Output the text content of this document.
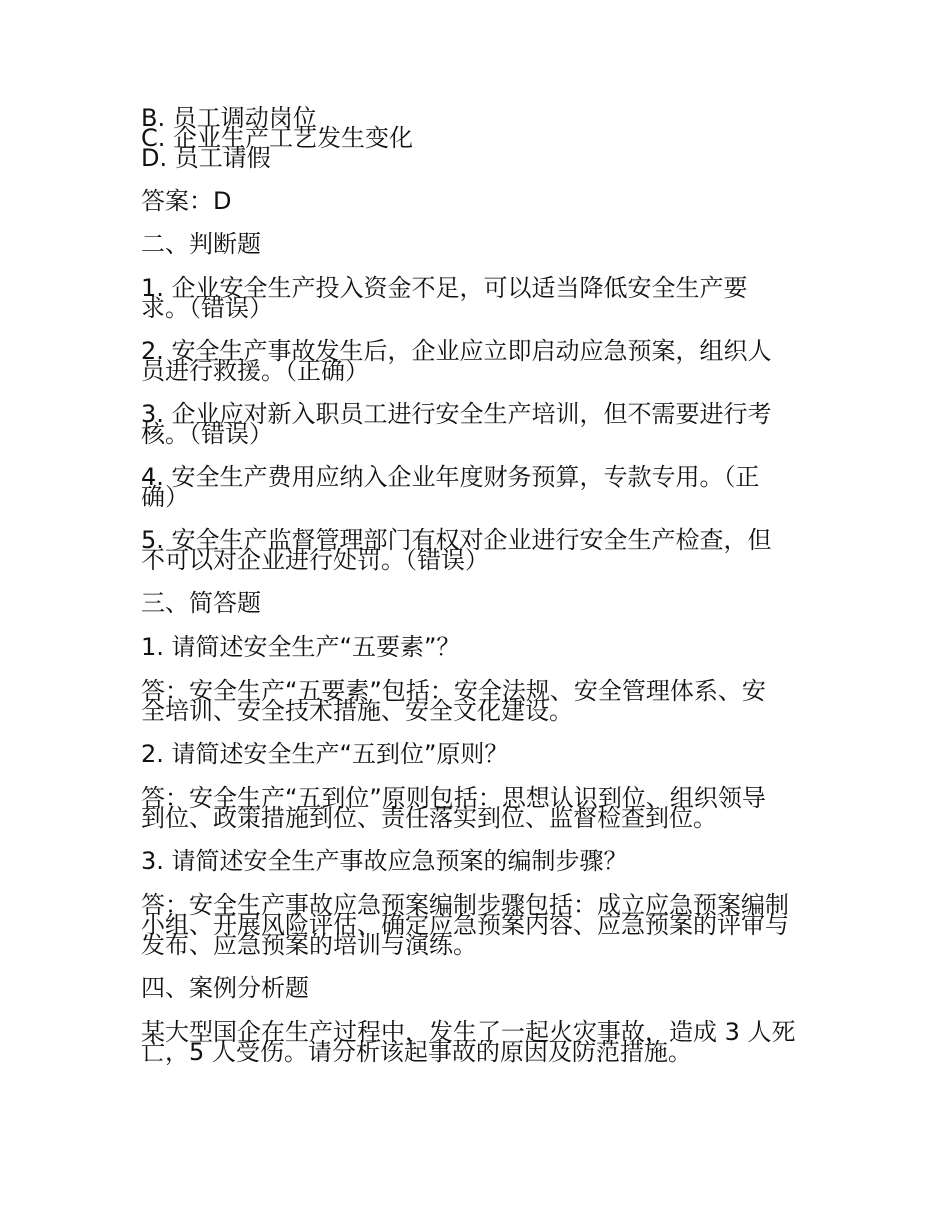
B. 员工调动岗位
C. 企业生产工艺发生变化
D. 员工请假

答案：D

二、判断题

1. 企业安全生产投入资金不足，可以适当降低安全生产要
求。（错误）

2. 安全生产事故发生后，企业应立即启动应急预案，组织人
员进行救援。（正确）

3. 企业应对新入职员工进行安全生产培训，但不需要进行考
核。（错误）

4. 安全生产费用应纳入企业年度财务预算，专款专用。（正
确）

5. 安全生产监督管理部门有权对企业进行安全生产检查，但
不可以对企业进行处罚。（错误）

三、简答题

1. 请简述安全生产“五要素”？

答：安全生产“五要素”包括：安全法规、安全管理体系、安
全培训、安全技术措施、安全文化建设。

2. 请简述安全生产“五到位”原则？

答：安全生产“五到位”原则包括：思想认识到位、组织领导
到位、政策措施到位、责任落实到位、监督检查到位。

3. 请简述安全生产事故应急预案的编制步骤？

答：安全生产事故应急预案编制步骤包括：成立应急预案编制
小组、开展风险评估、确定应急预案内容、应急预案的评审与
发布、应急预案的培训与演练。

四、案例分析题

某大型国企在生产过程中，发生了一起火灾事故，造成 3 人死
亡，5 人受伤。请分析该起事故的原因及防范措施。
